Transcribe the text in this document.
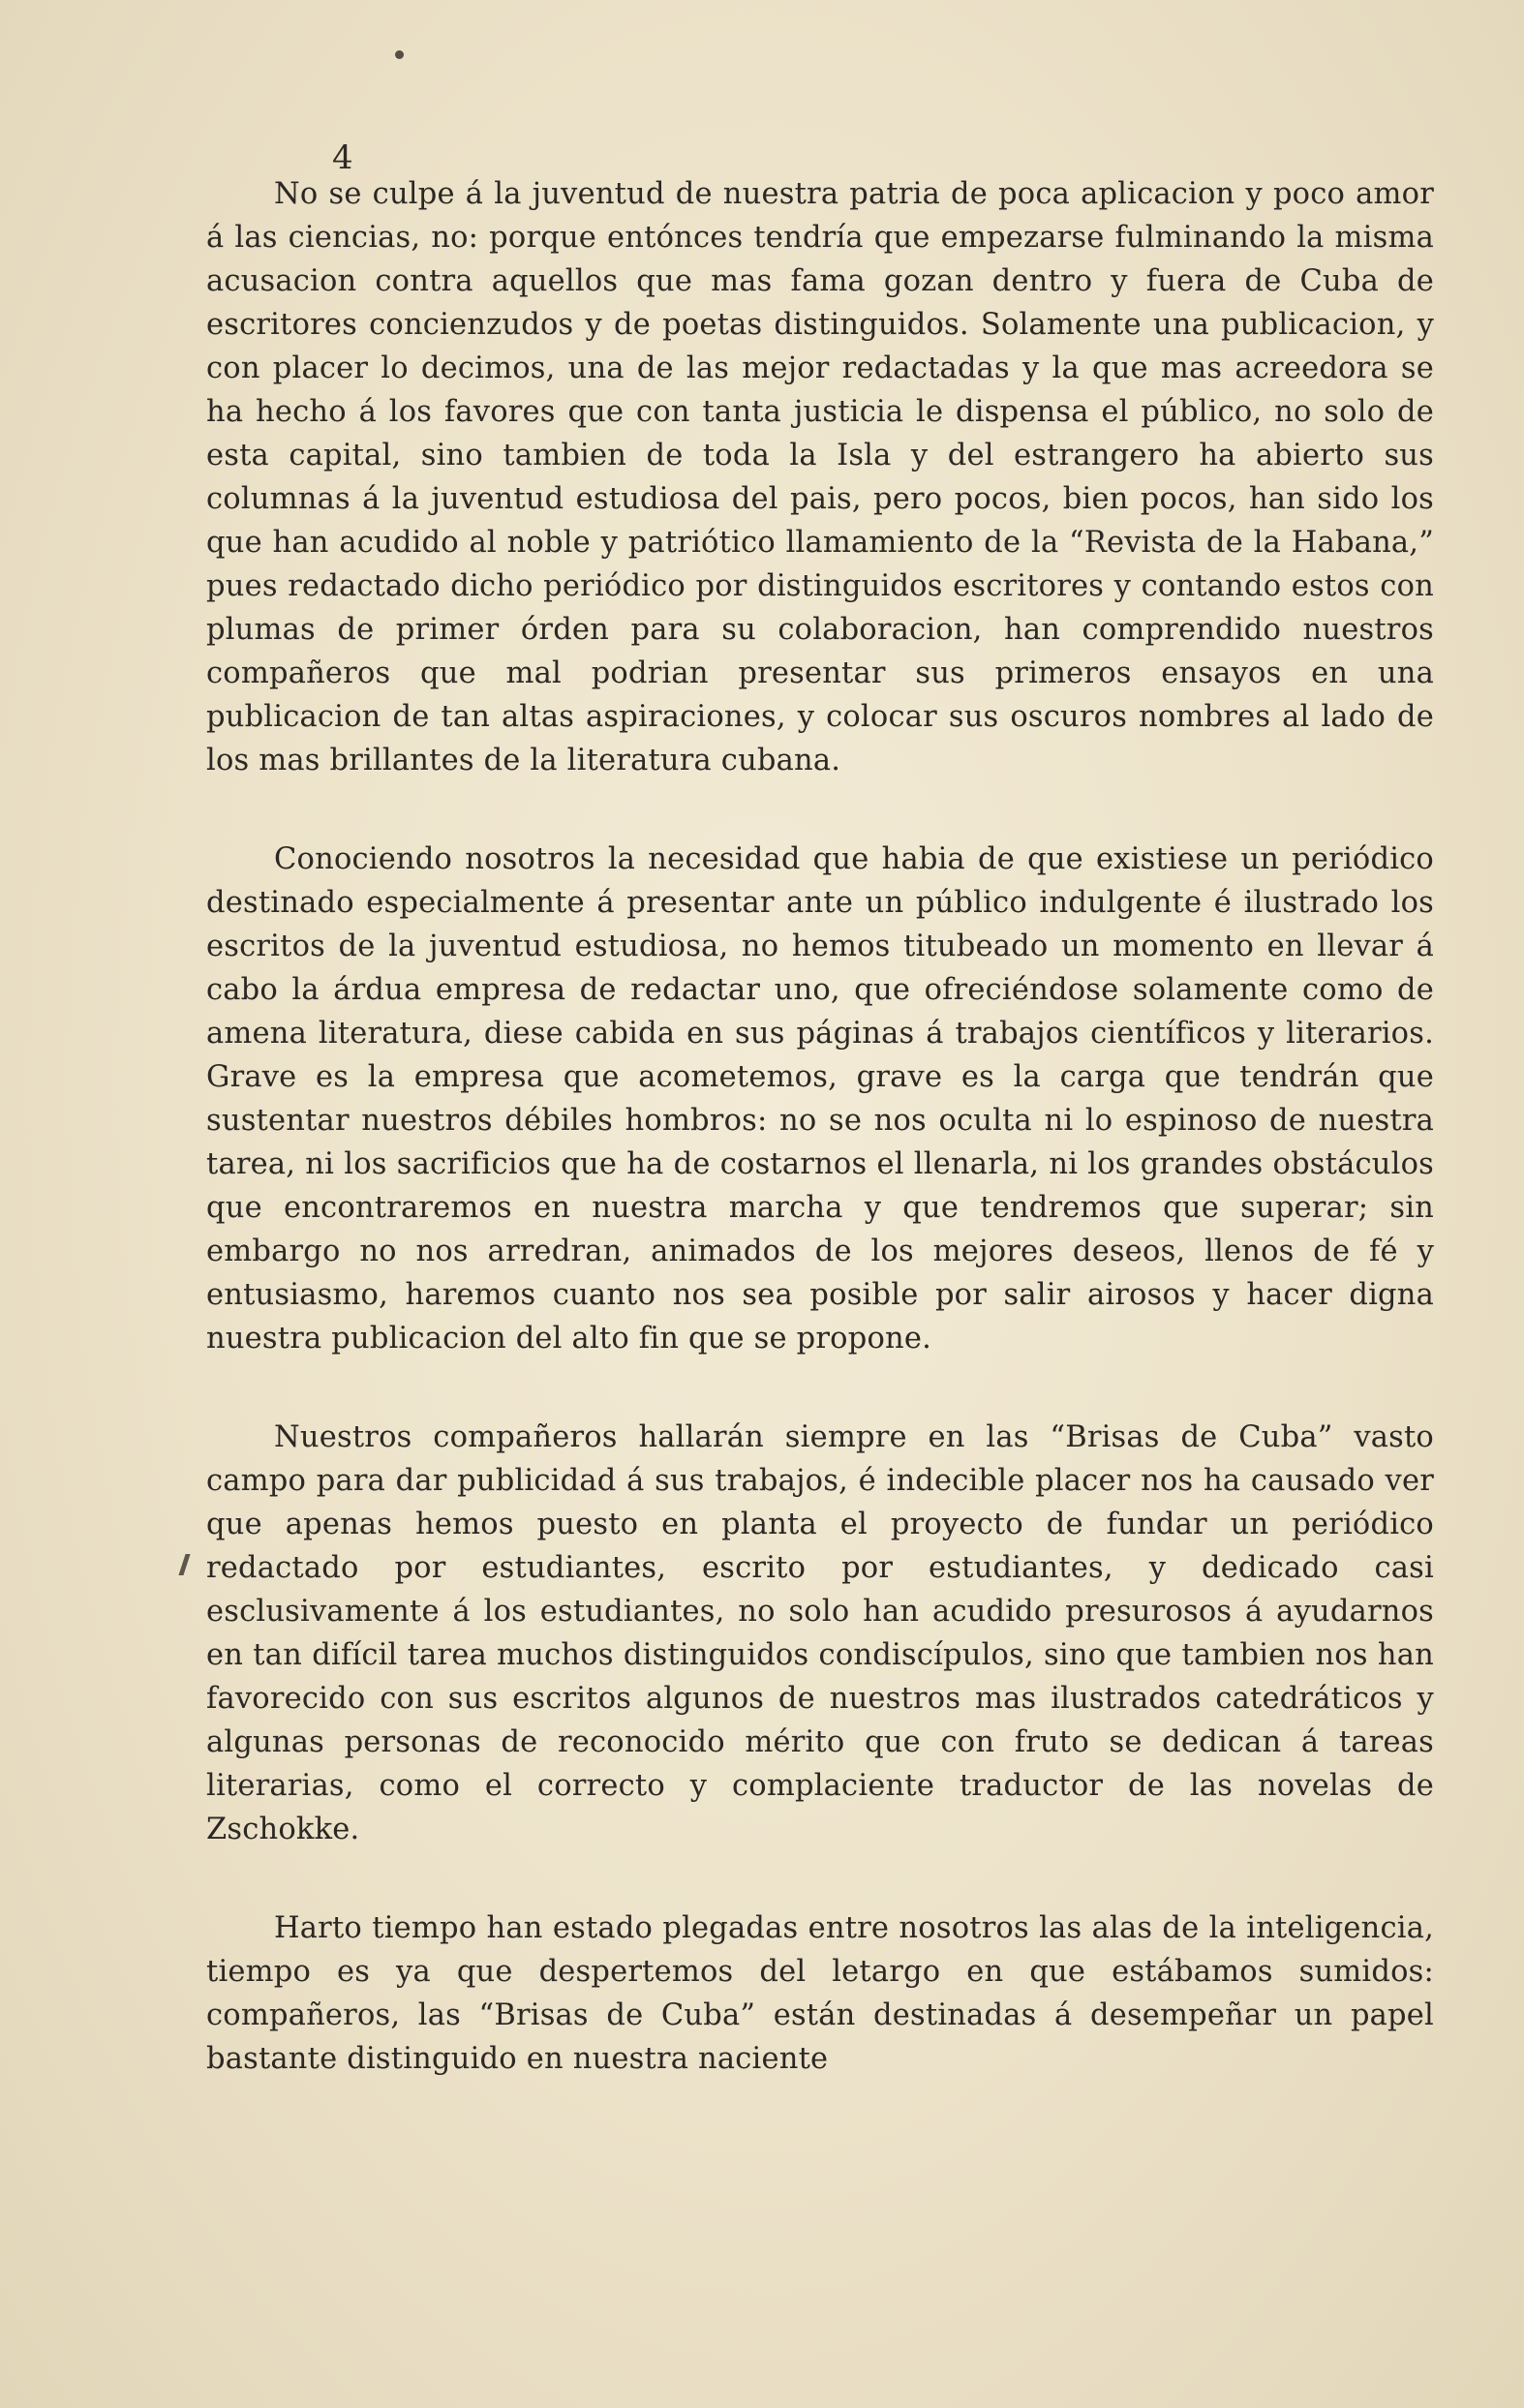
4

No se culpe á la juventud de nuestra patria de poca aplicacion y poco amor á las ciencias, no: porque entónces tendría que empezarse fulminando la misma acusacion contra aquellos que mas fama gozan dentro y fuera de Cuba de escritores concienzudos y de poetas distinguidos. Solamente una publicacion, y con placer lo decimos, una de las mejor redactadas y la que mas acreedora se ha hecho á los favores que con tanta justicia le dispensa el público, no solo de esta capital, sino tambien de toda la Isla y del estrangero ha abierto sus columnas á la juventud estudiosa del pais, pero pocos, bien pocos, han sido los que han acudido al noble y patriótico llamamiento de la “Revista de la Habana,” pues redactado dicho periódico por distinguidos escritores y contando estos con plumas de primer órden para su colaboracion, han comprendido nuestros compañeros que mal podrian presentar sus primeros ensayos en una publicacion de tan altas aspiraciones, y colocar sus oscuros nombres al lado de los mas brillantes de la literatura cubana.

Conociendo nosotros la necesidad que habia de que existiese un periódico destinado especialmente á presentar ante un público indulgente é ilustrado los escritos de la juventud estudiosa, no hemos titubeado un momento en llevar á cabo la árdua empresa de redactar uno, que ofreciéndose solamente como de amena literatura, diese cabida en sus páginas á trabajos científicos y literarios. Grave es la empresa que acometemos, grave es la carga que tendrán que sustentar nuestros débiles hombros: no se nos oculta ni lo espinoso de nuestra tarea, ni los sacrificios que ha de costarnos el llenarla, ni los grandes obstáculos que encontraremos en nuestra marcha y que tendremos que superar; sin embargo no nos arredran, animados de los mejores deseos, llenos de fé y entusiasmo, haremos cuanto nos sea posible por salir airosos y hacer digna nuestra publicacion del alto fin que se propone.

Nuestros compañeros hallarán siempre en las “Brisas de Cuba” vasto campo para dar publicidad á sus trabajos, é indecible placer nos ha causado ver que apenas hemos puesto en planta el proyecto de fundar un periódico redactado por estudiantes, escrito por estudiantes, y dedicado casi esclusivamente á los estudiantes, no solo han acudido presurosos á ayudarnos en tan difícil tarea muchos distinguidos condiscípulos, sino que tambien nos han favorecido con sus escritos algunos de nuestros mas ilustrados catedráticos y algunas personas de reconocido mérito que con fruto se dedican á tareas literarias, como el correcto y complaciente traductor de las novelas de Zschokke.

Harto tiempo han estado plegadas entre nosotros las alas de la inteligencia, tiempo es ya que despertemos del letargo en que estábamos sumidos: compañeros, las “Brisas de Cuba” están destinadas á desempeñar un papel bastante distinguido en nuestra naciente
